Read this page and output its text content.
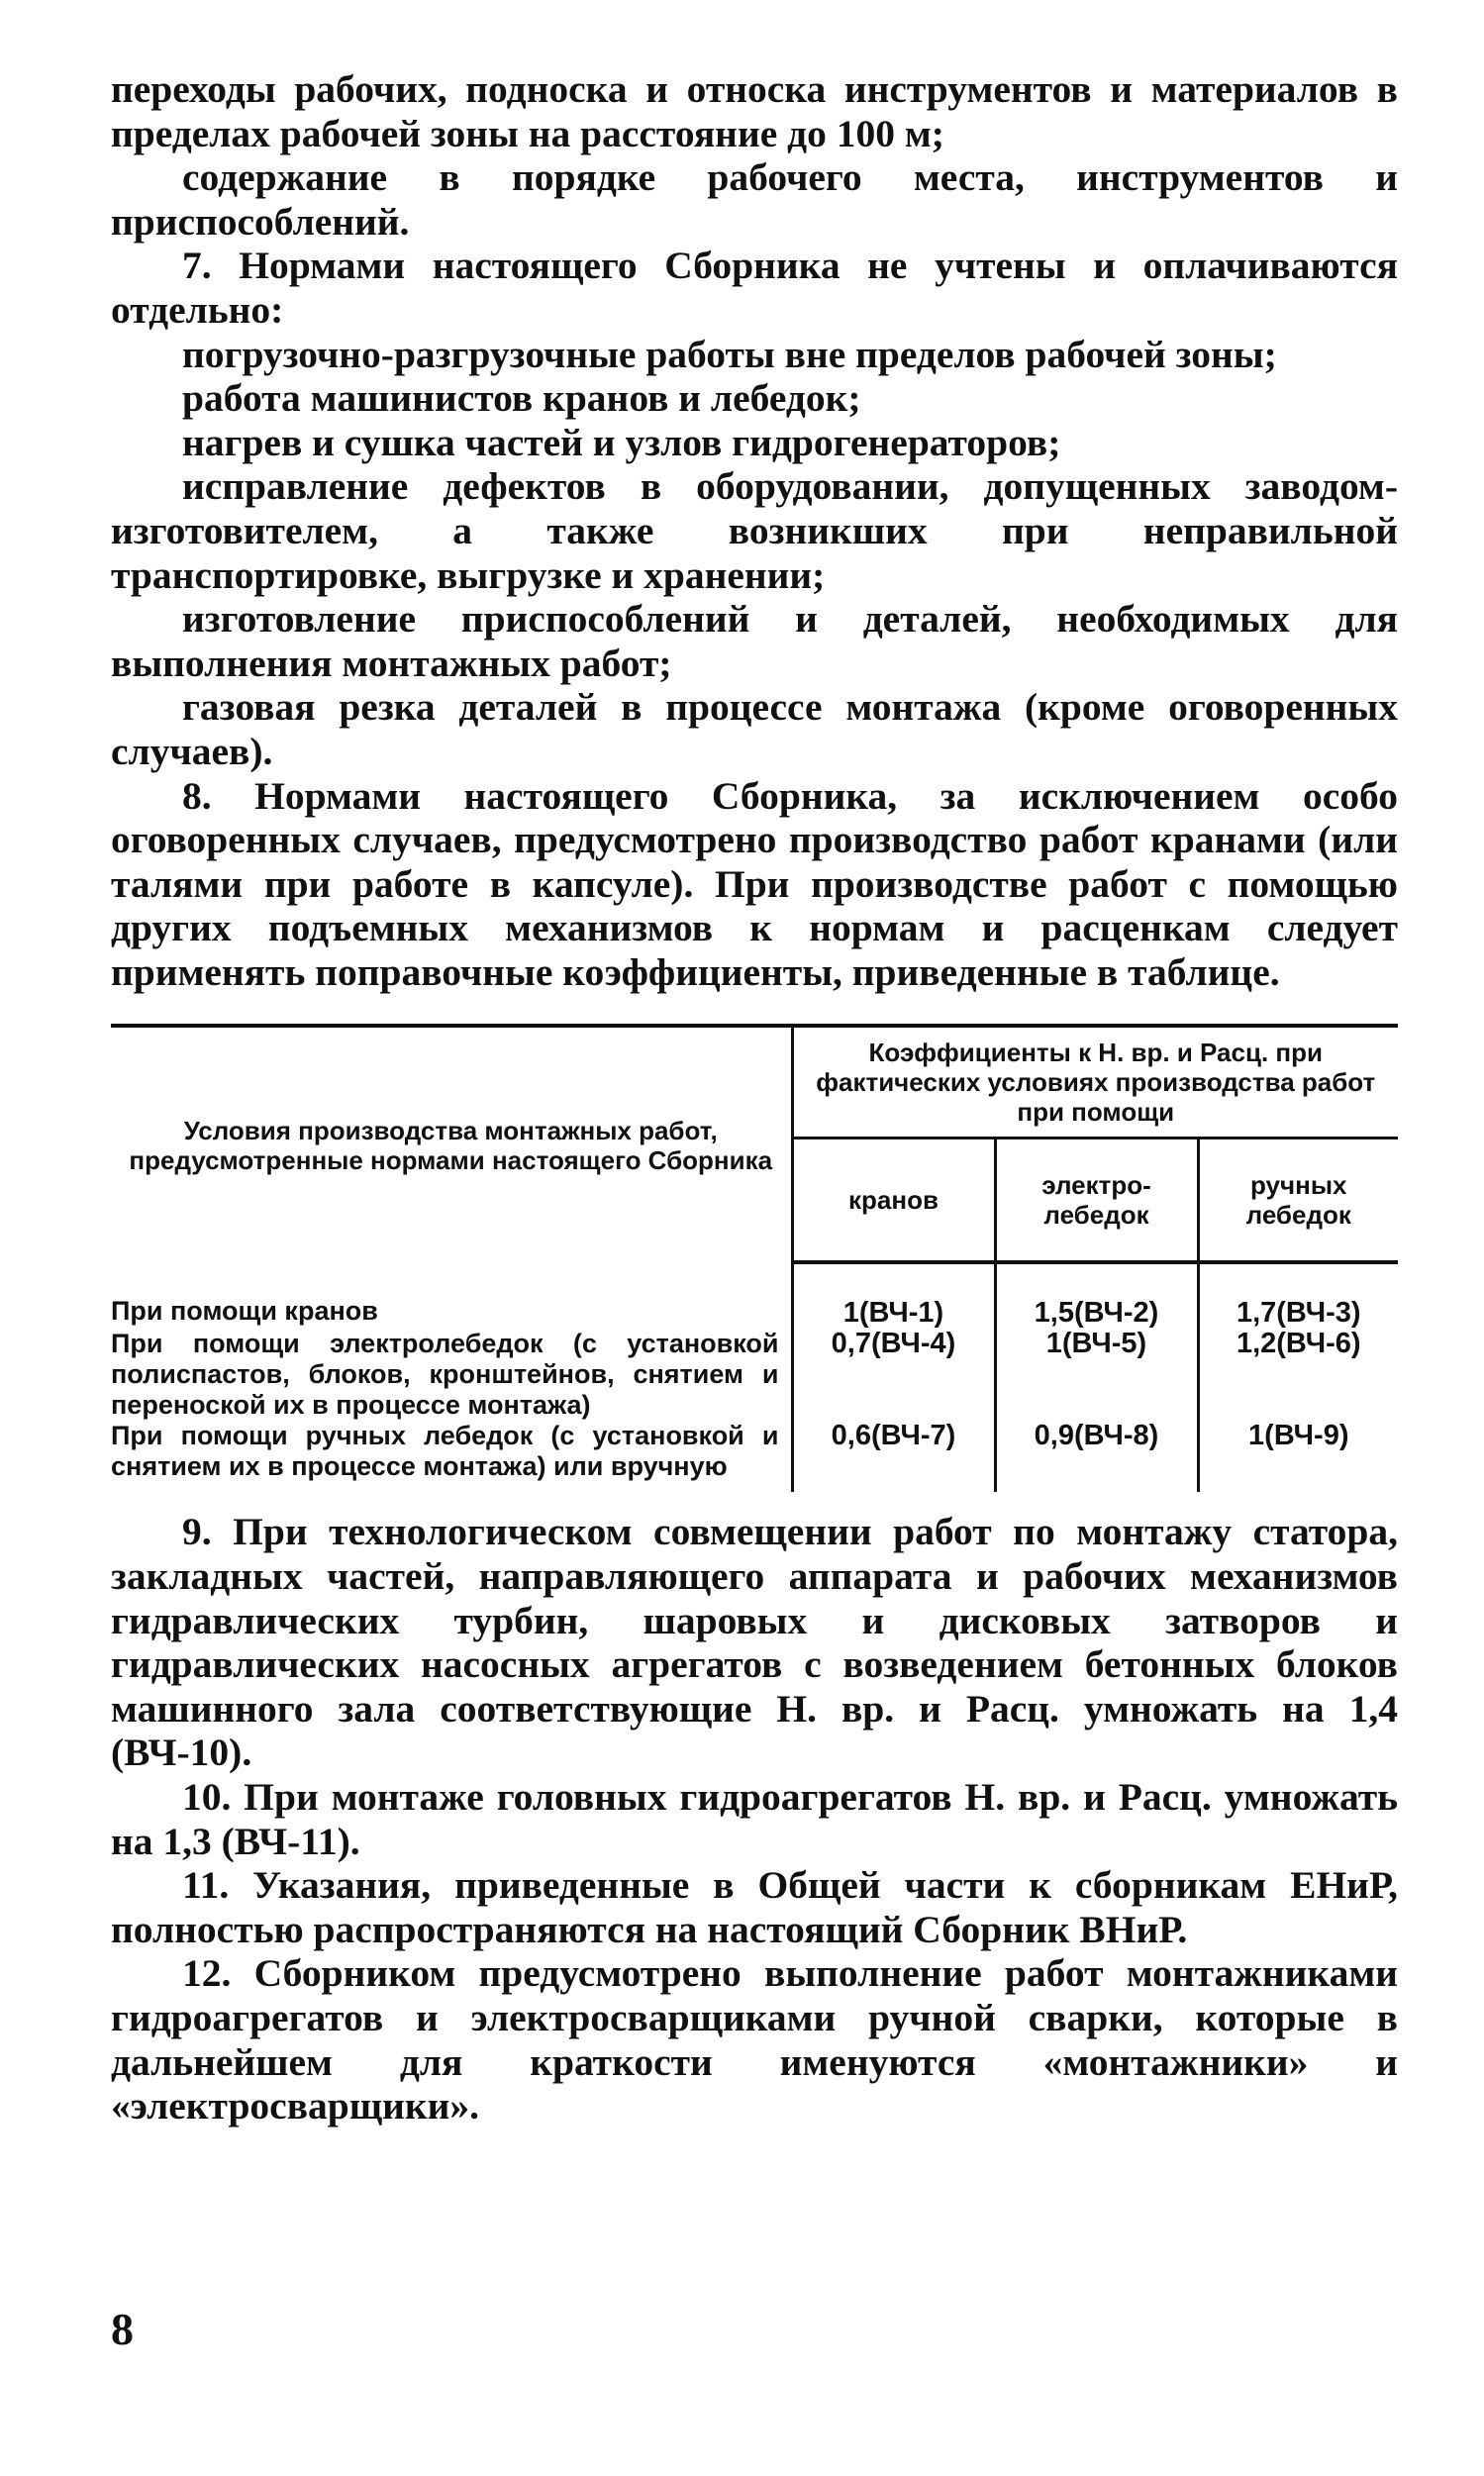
переходы рабочих, подноска и относка инструментов и материалов в пределах рабочей зоны на расстояние до 100 м;

содержание в порядке рабочего места, инструментов и приспособлений.

7. Нормами настоящего Сборника не учтены и оплачиваются отдельно:

погрузочно-разгрузочные работы вне пределов рабочей зоны;

работа машинистов кранов и лебедок;

нагрев и сушка частей и узлов гидрогенераторов;

исправление дефектов в оборудовании, допущенных заводом-изготовителем, а также возникших при неправильной транспортировке, выгрузке и хранении;

изготовление приспособлений и деталей, необходимых для выполнения монтажных работ;

газовая резка деталей в процессе монтажа (кроме оговоренных случаев).

8. Нормами настоящего Сборника, за исключением особо оговоренных случаев, предусмотрено производство работ кранами (или талями при работе в капсуле). При производстве работ с помощью других подъемных механизмов к нормам и расценкам следует применять поправочные коэффициенты, приведенные в таблице.

Условия производства монтажных работ, предусмотренные нормами настоящего Сборника	Коэффициенты к Н. вр. и Расц. при фактических условиях производства работ при помощи		
	кранов	электро-лебедок	ручных лебедок
При помощи кранов	1(ВЧ-1)	1,5(ВЧ-2)	1,7(ВЧ-3)
При помощи электролебедок (с установкой полиспастов, блоков, кронштейнов, снятием и переноской их в процессе монтажа)	0,7(ВЧ-4)	1(ВЧ-5)	1,2(ВЧ-6)
При помощи ручных лебедок (с установкой и снятием их в процессе монтажа) или вручную	0,6(ВЧ-7)	0,9(ВЧ-8)	1(ВЧ-9)

9. При технологическом совмещении работ по монтажу статора, закладных частей, направляющего аппарата и рабочих механизмов гидравлических турбин, шаровых и дисковых затворов и гидравлических насосных агрегатов с возведением бетонных блоков машинного зала соответствующие Н. вр. и Расц. умножать на 1,4 (ВЧ-10).

10. При монтаже головных гидроагрегатов Н. вр. и Расц. умножать на 1,3 (ВЧ-11).

11. Указания, приведенные в Общей части к сборникам ЕНиР, полностью распространяются на настоящий Сборник ВНиР.

12. Сборником предусмотрено выполнение работ монтажниками гидроагрегатов и электросварщиками ручной сварки, которые в дальнейшем для краткости именуются «монтажники» и «электросварщики».

8
